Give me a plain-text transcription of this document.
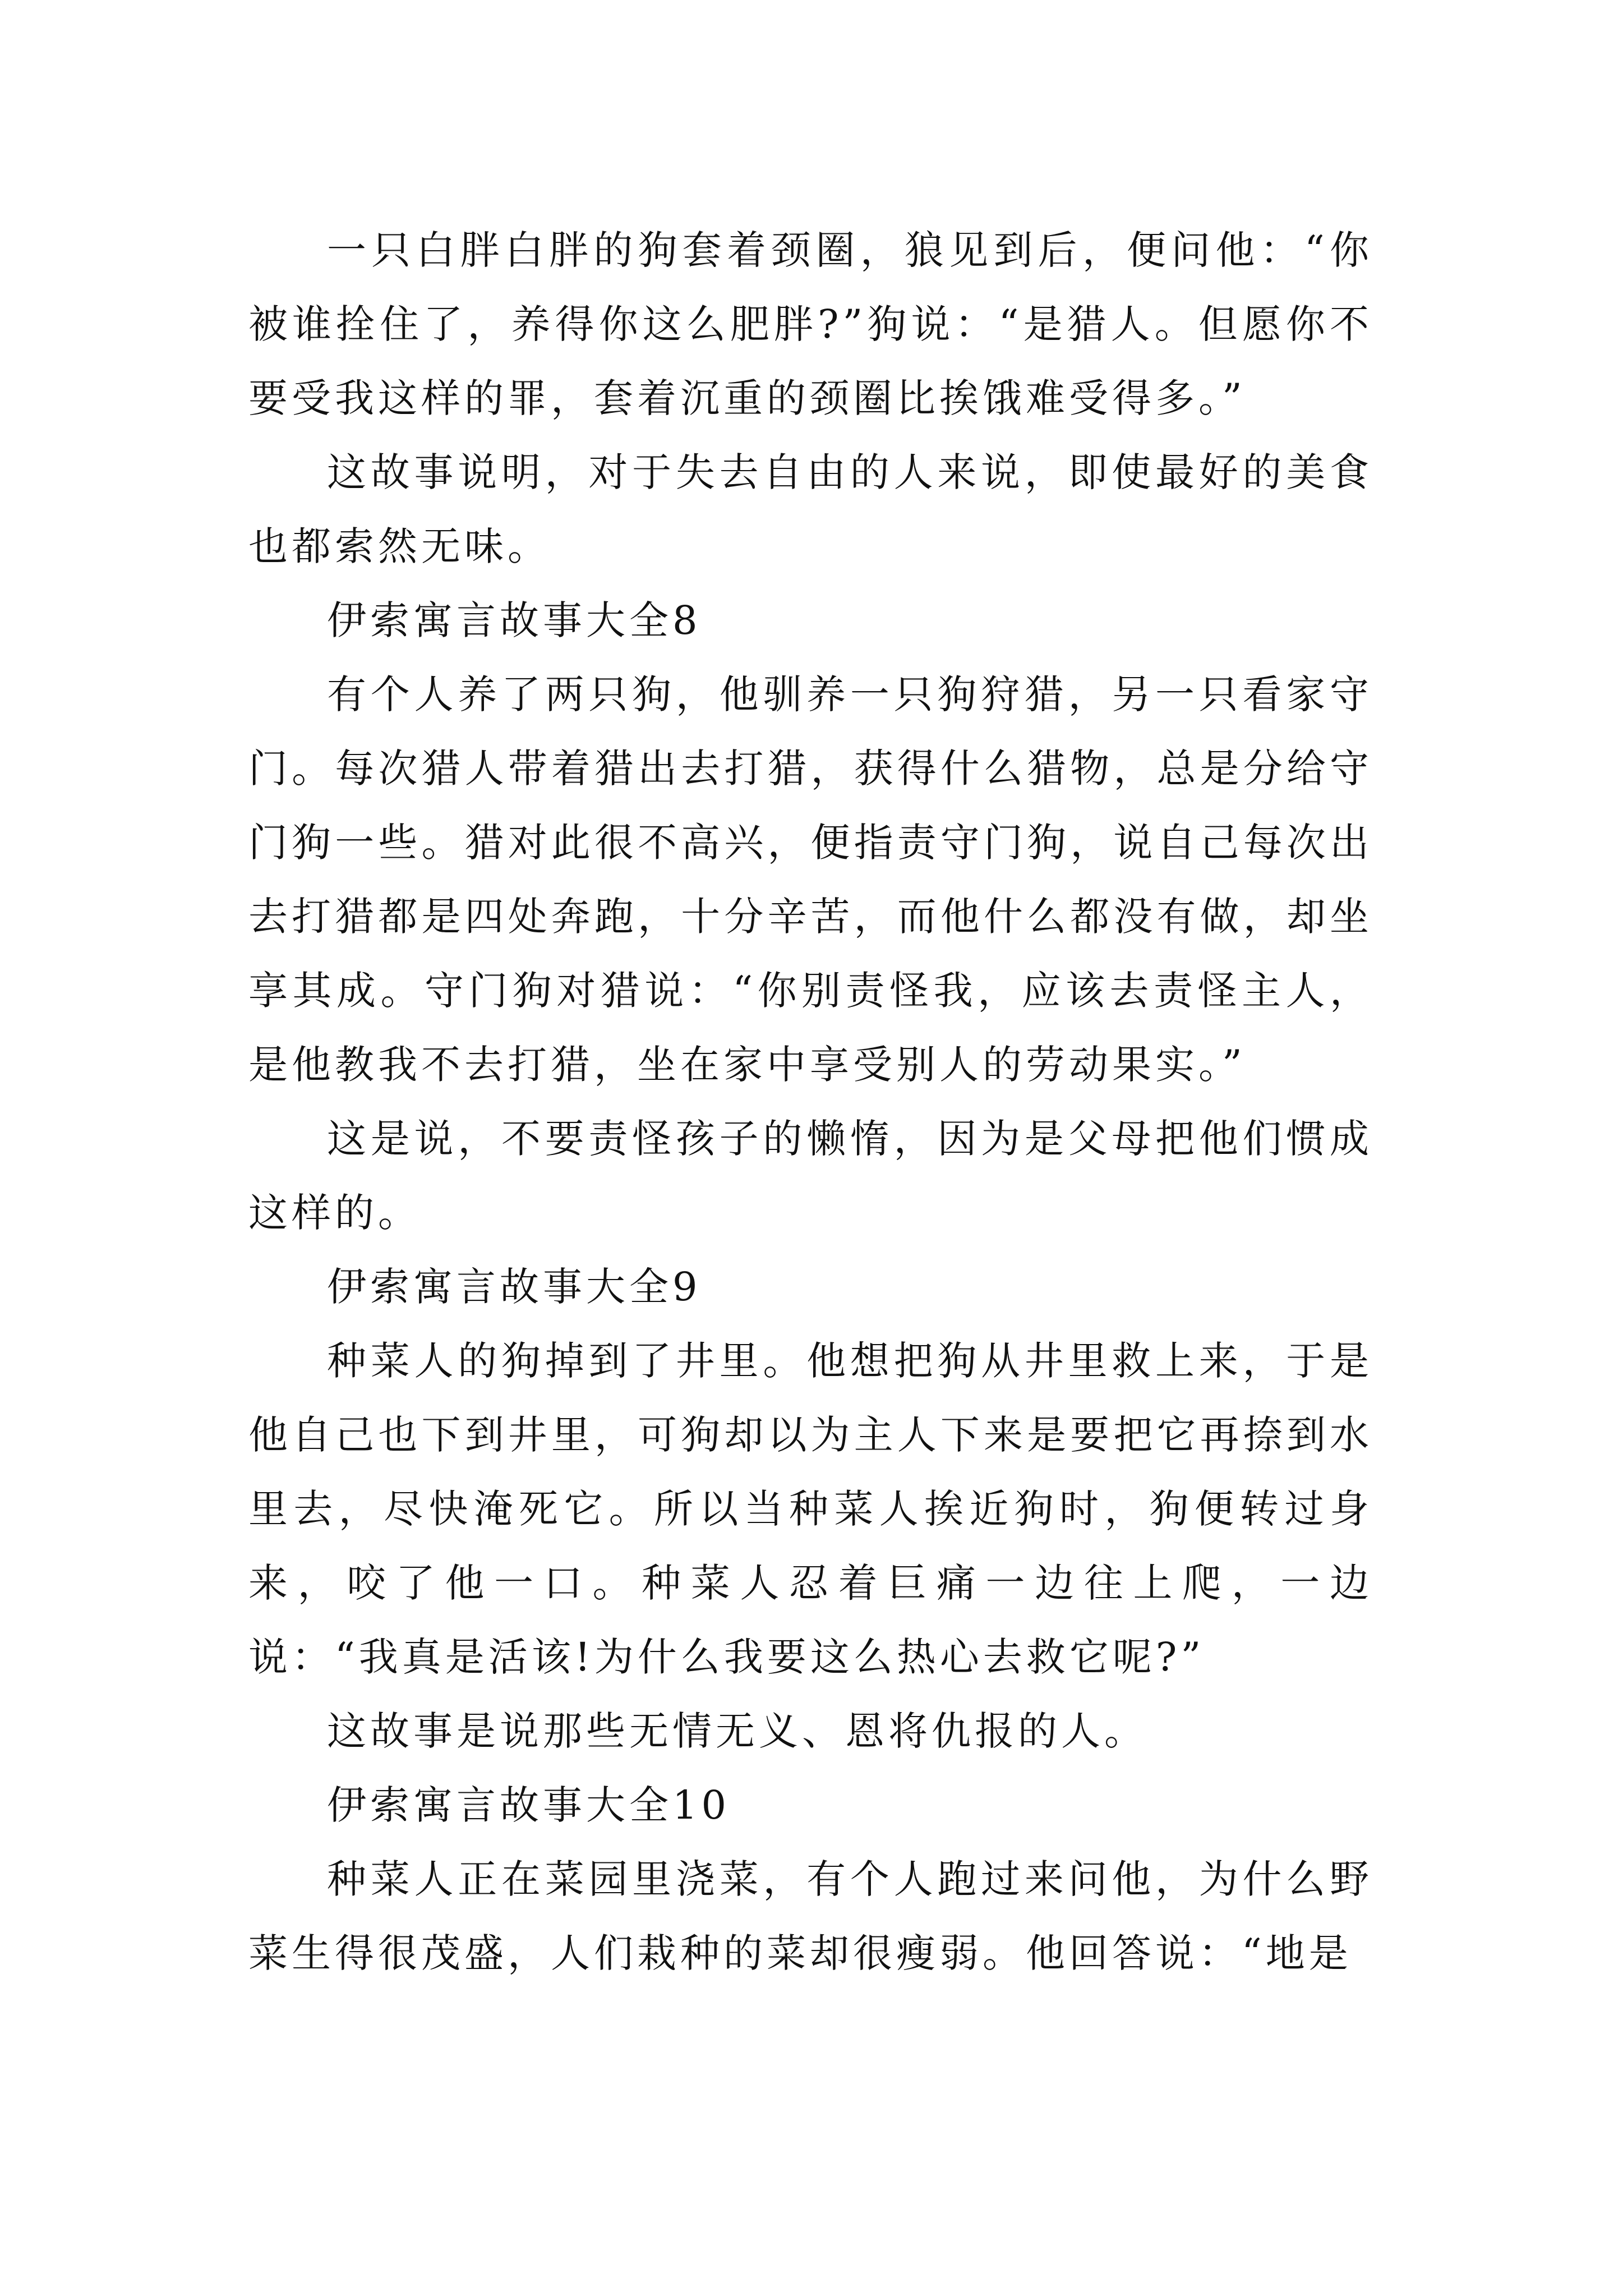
一只白胖白胖的狗套着颈圈，狼见到后，便问他：“你被谁拴住了，养得你这么肥胖?”狗说：“是猎人。但愿你不要受我这样的罪，套着沉重的颈圈比挨饿难受得多。”

这故事说明，对于失去自由的人来说，即使最好的美食也都索然无味。

伊索寓言故事大全8

有个人养了两只狗，他驯养一只狗狩猎，另一只看家守门。每次猎人带着猎出去打猎，获得什么猎物，总是分给守门狗一些。猎对此很不高兴，便指责守门狗，说自己每次出去打猎都是四处奔跑，十分辛苦，而他什么都没有做，却坐享其成。守门狗对猎说：“你别责怪我，应该去责怪主人，是他教我不去打猎，坐在家中享受别人的劳动果实。”

这是说，不要责怪孩子的懒惰，因为是父母把他们惯成这样的。

伊索寓言故事大全9

种菜人的狗掉到了井里。他想把狗从井里救上来，于是他自己也下到井里，可狗却以为主人下来是要把它再捺到水里去，尽快淹死它。所以当种菜人挨近狗时，狗便转过身来，咬了他一口。种菜人忍着巨痛一边往上爬，一边说：“我真是活该!为什么我要这么热心去救它呢?”

这故事是说那些无情无义、恩将仇报的人。

伊索寓言故事大全10

种菜人正在菜园里浇菜，有个人跑过来问他，为什么野菜生得很茂盛，人们栽种的菜却很瘦弱。他回答说：“地是
